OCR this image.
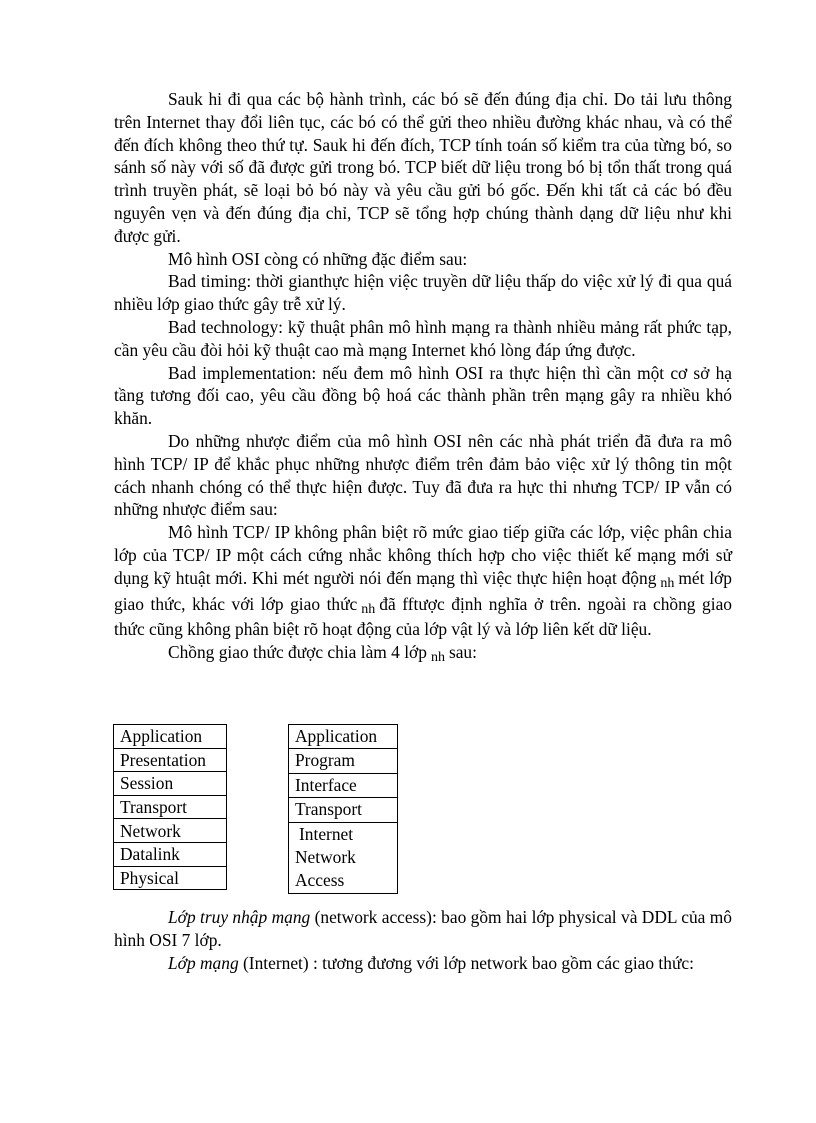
Sauk hi đi qua các bộ hành trình, các bó sẽ đến đúng địa chỉ. Do tải lưu thông trên Internet thay đổi liên tục, các bó có thể gửi theo nhiều đường khác nhau, và có thể đến đích không theo thứ tự. Sauk hi đến đích, TCP tính toán số kiểm tra của từng bó, so sánh số này với số đã được gửi trong bó. TCP biết dữ liệu trong bó bị tổn thất trong quá trình truyền phát, sẽ loại bỏ bó này và yêu cầu gửi bó gốc. Đến khi tất cả các bó đều nguyên vẹn và đến đúng địa chỉ, TCP sẽ tổng hợp chúng thành dạng dữ liệu như khi được gửi.

Mô hình OSI còng có những đặc điểm sau:

Bad timing: thời gianthực hiện việc truyền dữ liệu thấp do việc xử lý đi qua quá nhiều lớp giao thức gây trễ xử lý.

Bad technology: kỹ thuật phân mô hình mạng ra thành nhiều mảng rất phức tạp, cần yêu cầu đòi hỏi kỹ thuật cao mà mạng Internet khó lòng đáp ứng được.

Bad implementation: nếu đem mô hình OSI ra thực hiện thì cần một cơ sở hạ tầng tương đối cao, yêu cầu đồng bộ hoá các thành phần trên mạng gây ra nhiều khó khăn.

Do những nhược điểm của mô hình OSI nên các nhà phát triển đã đưa ra mô hình TCP/ IP để khắc phục những nhược điểm trên đảm bảo việc xử lý thông tin một cách nhanh chóng có thể thực hiện được. Tuy đã đưa ra hực thi nhưng TCP/ IP vẫn có những nhược điểm sau:

Mô hình TCP/ IP không phân biệt rõ mức giao tiếp giữa các lớp, việc phân chia lớp của TCP/ IP một cách cứng nhắc không thích hợp cho việc thiết kế mạng mới sử dụng kỹ htuật mới. Khi mét người nói đến mạng thì việc thực hiện hoạt động nh mét lớp giao thức, khác với lớp giao thức nh đã fftược định nghĩa ở trên. ngoài ra chồng giao thức cũng không phân biệt rõ hoạt động của lớp vật lý và lớp liên kết dữ liệu.

Chồng giao thức được chia làm 4 lớp nh sau:

Application
Presentation
Session
Transport
Network
Datalink
Physical
Application

Program

Interface

Transport

Internet
Network
Access

Lớp truy nhập mạng (network access): bao gồm hai lớp physical và DDL của mô hình OSI 7 lớp.

Lớp mạng (Internet) : tương đương với lớp network bao gồm các giao thức:
